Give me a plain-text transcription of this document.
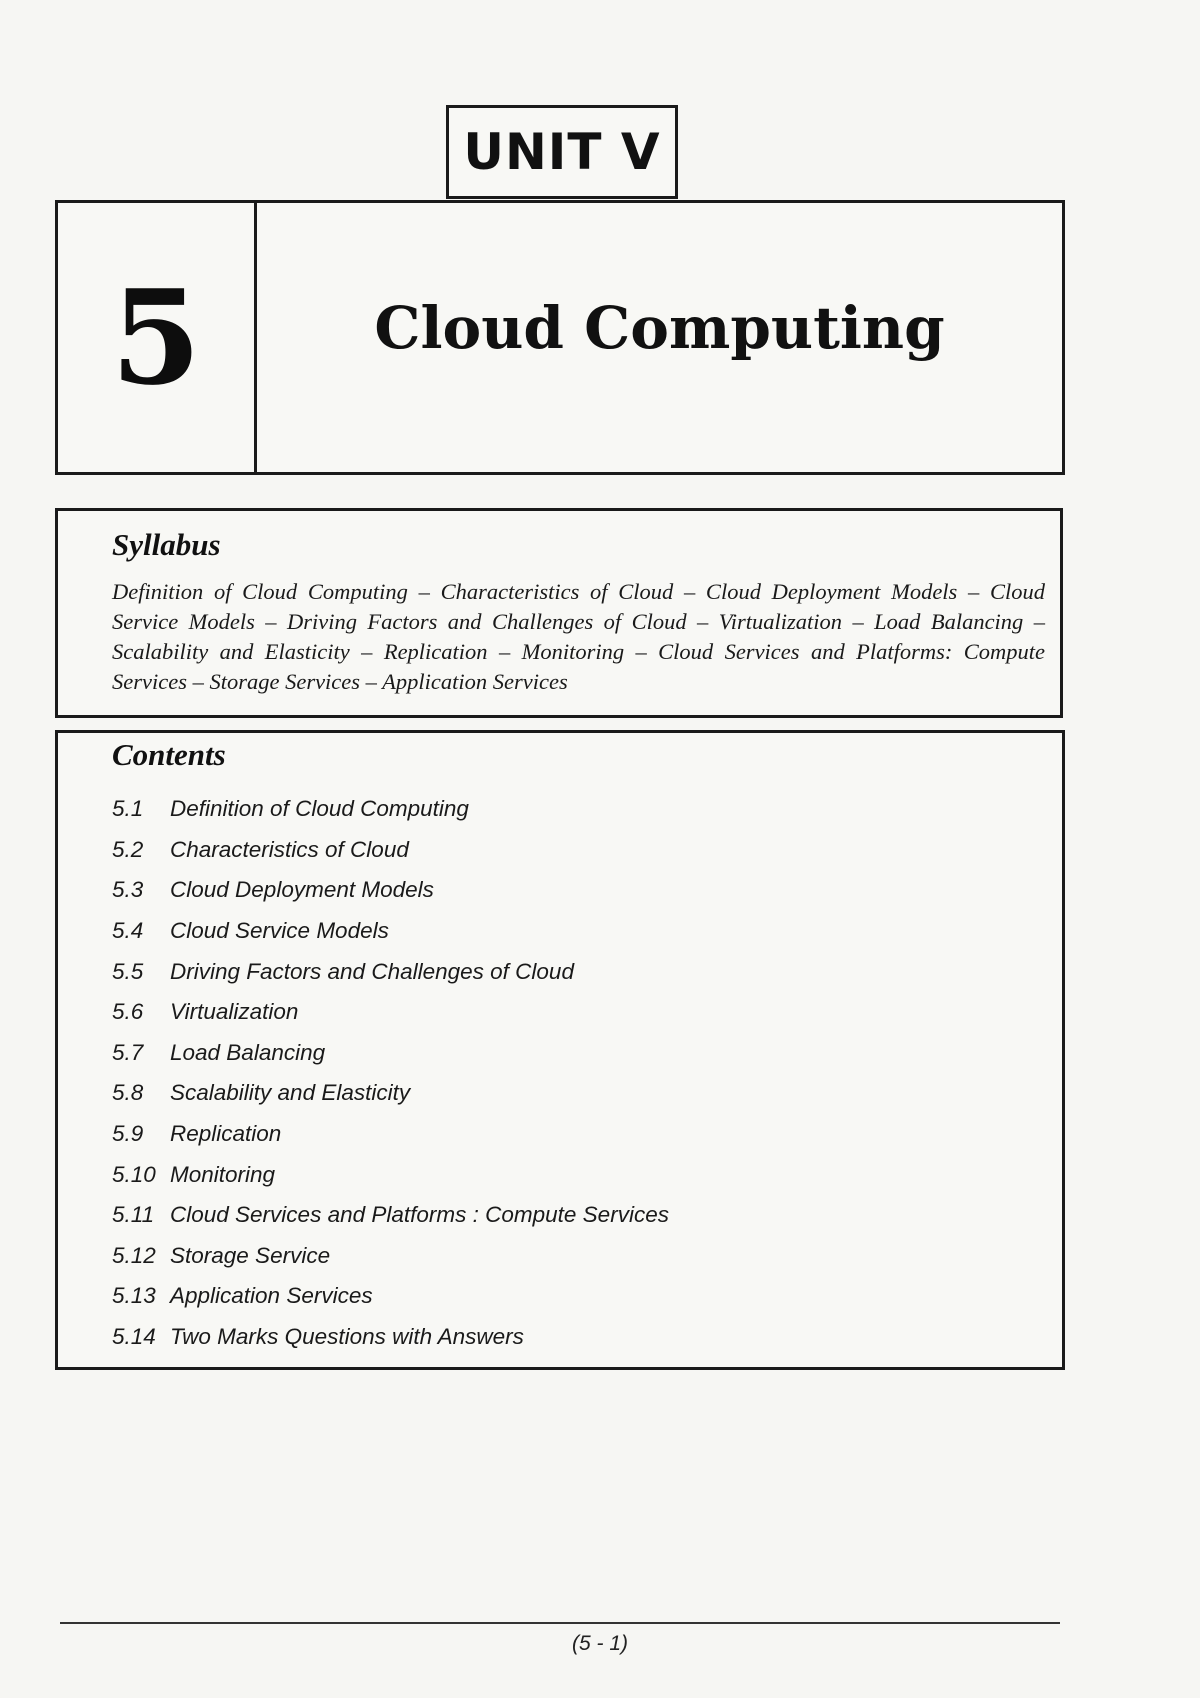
UNIT V
5	Cloud Computing
Syllabus

Definition of Cloud Computing – Characteristics of Cloud – Cloud Deployment Models – Cloud Service Models – Driving Factors and Challenges of Cloud – Virtualization – Load Balancing – Scalability and Elasticity – Replication – Monitoring – Cloud Services and Platforms: Compute Services – Storage Services – Application Services

Contents
5.1	Definition of Cloud Computing
5.2	Characteristics of Cloud
5.3	Cloud Deployment Models
5.4	Cloud Service Models
5.5	Driving Factors and Challenges of Cloud
5.6	Virtualization
5.7	Load Balancing
5.8	Scalability and Elasticity
5.9	Replication
5.10 Monitoring
5.11 Cloud Services and Platforms : Compute Services
5.12 Storage Service
5.13 Application Services
5.14 Two Marks Questions with Answers
(5 - 1)
